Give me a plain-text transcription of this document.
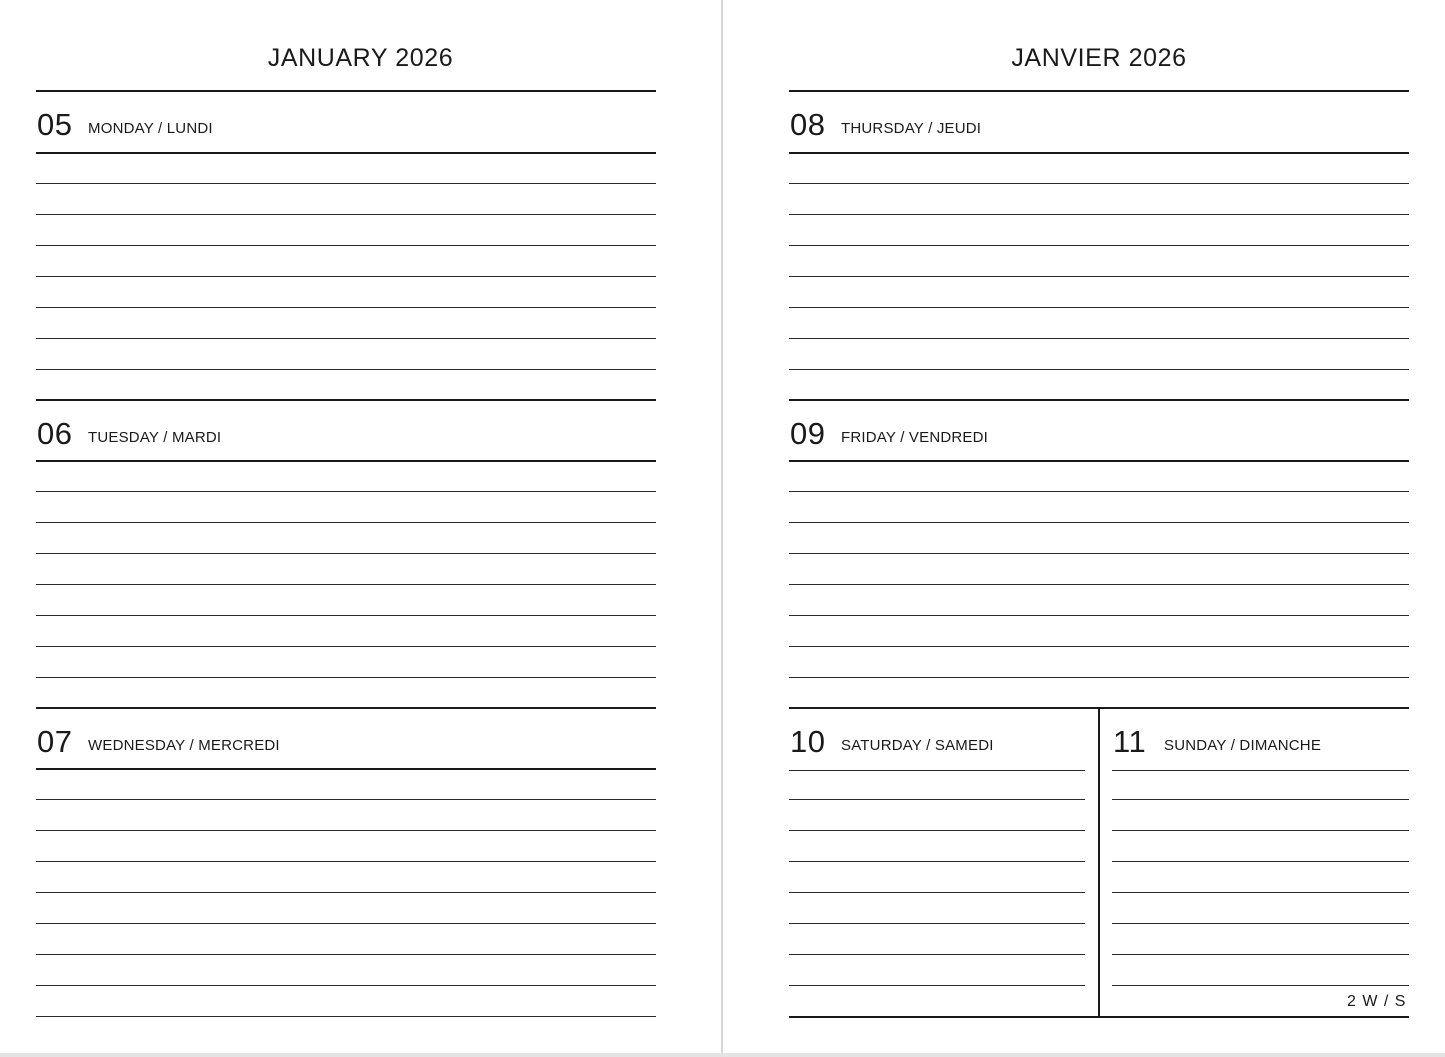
JANUARY 2026
05 MONDAY / LUNDI
06 TUESDAY / MARDI
07 WEDNESDAY / MERCREDI
JANVIER 2026
08 THURSDAY / JEUDI
09 FRIDAY / VENDREDI
10 SATURDAY / SAMEDI	11 SUNDAY / DIMANCHE
2 W / S
